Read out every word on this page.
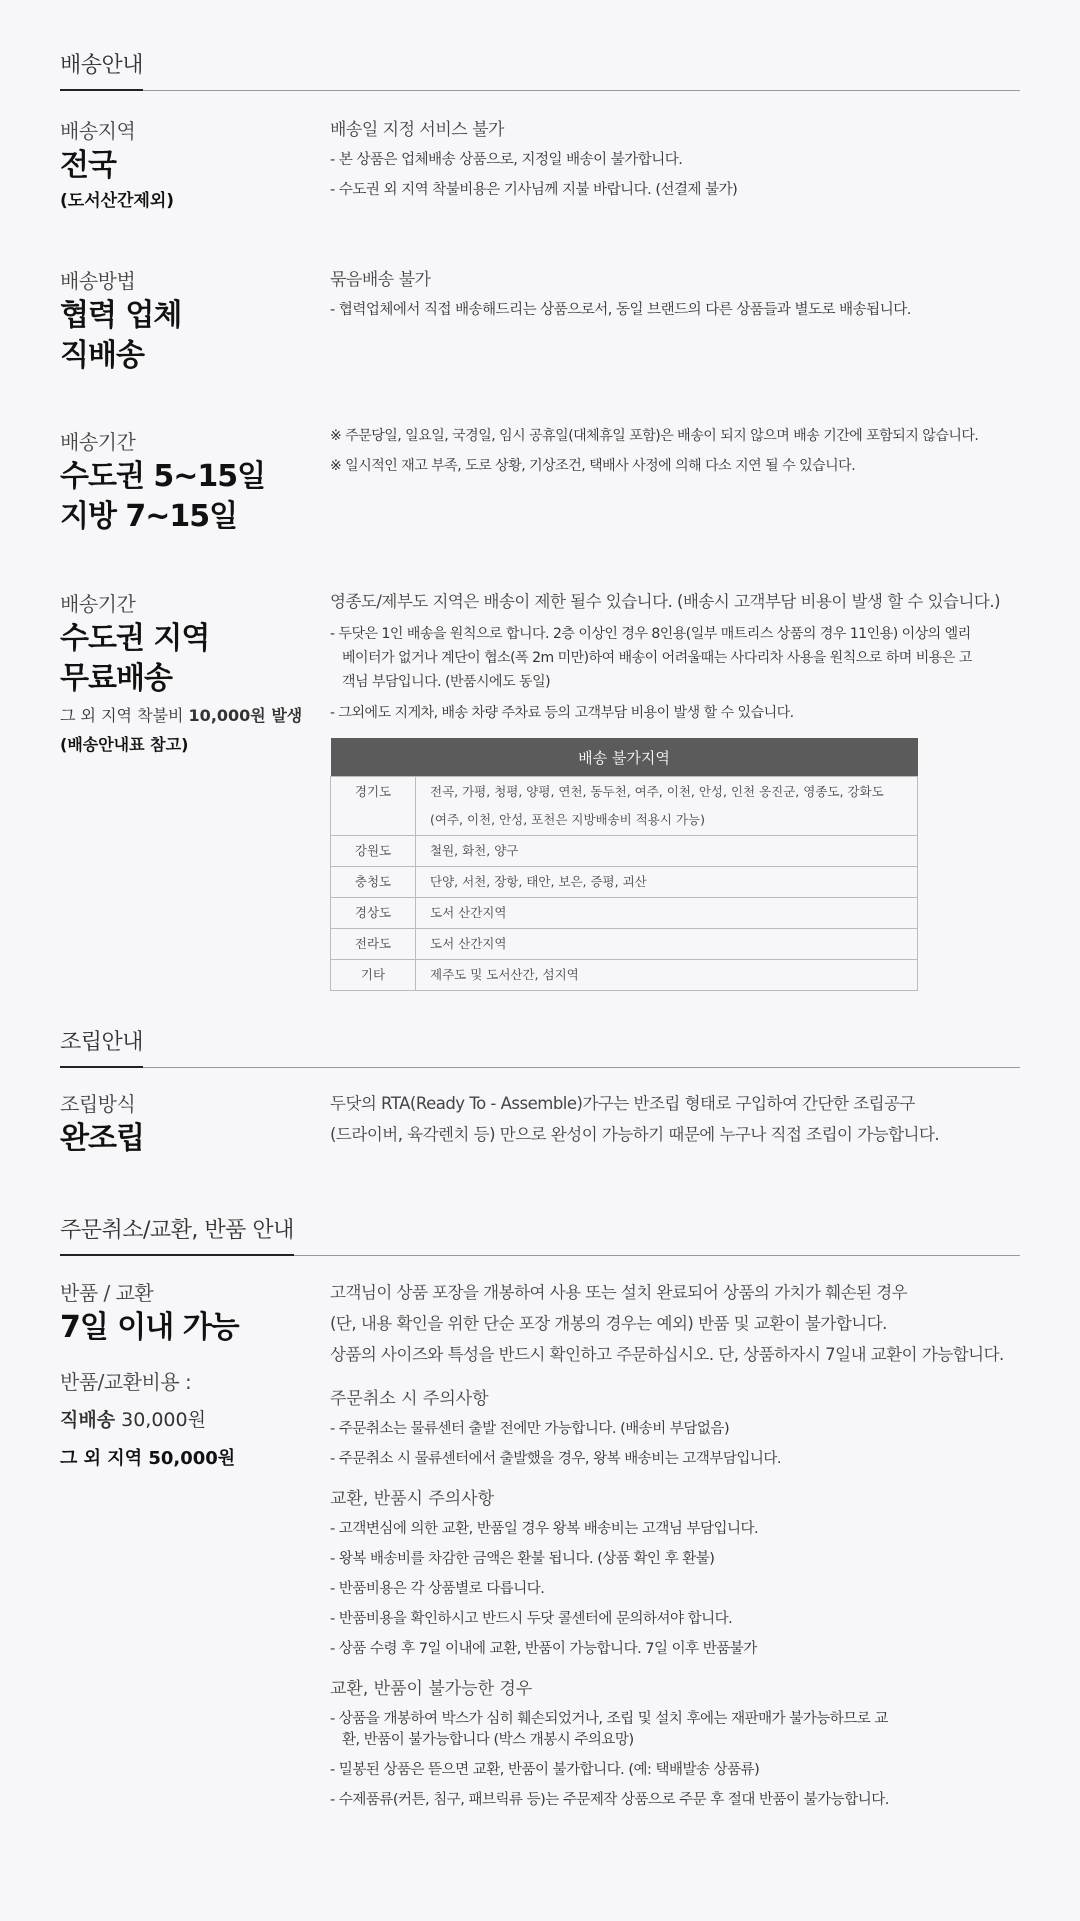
배송안내
배송지역
전국
(도서산간제외)
배송일 지정 서비스 불가
- 본 상품은 업체배송 상품으로, 지정일 배송이 불가합니다.
- 수도권 외 지역 착불비용은 기사님께 지불 바랍니다. (선결제 불가)
배송방법
협력 업체
직배송
묶음배송 불가
- 협력업체에서 직접 배송해드리는 상품으로서, 동일 브랜드의 다른 상품들과 별도로 배송됩니다.
배송기간
수도권 5~15일
지방 7~15일
※ 주문당일, 일요일, 국경일, 임시 공휴일(대체휴일 포함)은 배송이 되지 않으며 배송 기간에 포함되지 않습니다.
※ 일시적인 재고 부족, 도로 상황, 기상조건, 택배사 사정에 의해 다소 지연 될 수 있습니다.
배송기간
수도권 지역
무료배송
그 외 지역 착불비 10,000원 발생
(배송안내표 참고)
영종도/제부도 지역은 배송이 제한 될수 있습니다. (배송시 고객부담 비용이 발생 할 수 있습니다.)
- 두닷은 1인 배송을 원칙으로 합니다. 2층 이상인 경우 8인용(일부 매트리스 상품의 경우 11인용) 이상의 엘리베이터가 없거나 계단이 협소(폭 2m 미만)하여 배송이 어려울때는 사다리차 사용을 원칙으로 하며 비용은 고객님 부담입니다. (반품시에도 동일)
- 그외에도 지게차, 배송 차량 주차료 등의 고객부담 비용이 발생 할 수 있습니다.
배송 불가지역	
경기도	전곡, 가평, 청평, 양평, 연천, 동두천, 여주, 이천, 안성, 인천 옹진군, 영종도, 강화도
(여주, 이천, 안성, 포천은 지방배송비 적용시 가능)

강원도	철원, 화천, 양구
충청도	단양, 서천, 장항, 태안, 보은, 증평, 괴산
경상도	도서 산간지역
전라도	도서 산간지역
기타	제주도 및 도서산간, 섬지역
조립안내
조립방식
완조립
두닷의 RTA(Ready To - Assemble)가구는 반조립 형태로 구입하여 간단한 조립공구
(드라이버, 육각렌치 등) 만으로 완성이 가능하기 때문에 누구나 직접 조립이 가능합니다.
주문취소/교환, 반품 안내
반품 / 교환
7일 이내 가능
반품/교환비용 :
직배송 30,000원
그 외 지역 50,000원
고객님이 상품 포장을 개봉하여 사용 또는 설치 완료되어 상품의 가치가 훼손된 경우
(단, 내용 확인을 위한 단순 포장 개봉의 경우는 예외) 반품 및 교환이 불가합니다.
상품의 사이즈와 특성을 반드시 확인하고 주문하십시오. 단, 상품하자시 7일내 교환이 가능합니다.
주문취소 시 주의사항
- 주문취소는 물류센터 출발 전에만 가능합니다. (배송비 부담없음)
- 주문취소 시 물류센터에서 출발했을 경우, 왕복 배송비는 고객부담입니다.
교환, 반품시 주의사항
- 고객변심에 의한 교환, 반품일 경우 왕복 배송비는 고객님 부담입니다.
- 왕복 배송비를 차감한 금액은 환불 됩니다. (상품 확인 후 환불)
- 반품비용은 각 상품별로 다릅니다.
- 반품비용을 확인하시고 반드시 두닷 콜센터에 문의하셔야 합니다.
- 상품 수령 후 7일 이내에 교환, 반품이 가능합니다. 7일 이후 반품불가
교환, 반품이 불가능한 경우
- 상품을 개봉하여 박스가 심히 훼손되었거나, 조립 및 설치 후에는 재판매가 불가능하므로 교환, 반품이 불가능합니다 (박스 개봉시 주의요망)
- 밀봉된 상품은 뜯으면 교환, 반품이 불가합니다. (예: 택배발송 상품류)
- 수제품류(커튼, 침구, 패브릭류 등)는 주문제작 상품으로 주문 후 절대 반품이 불가능합니다.
